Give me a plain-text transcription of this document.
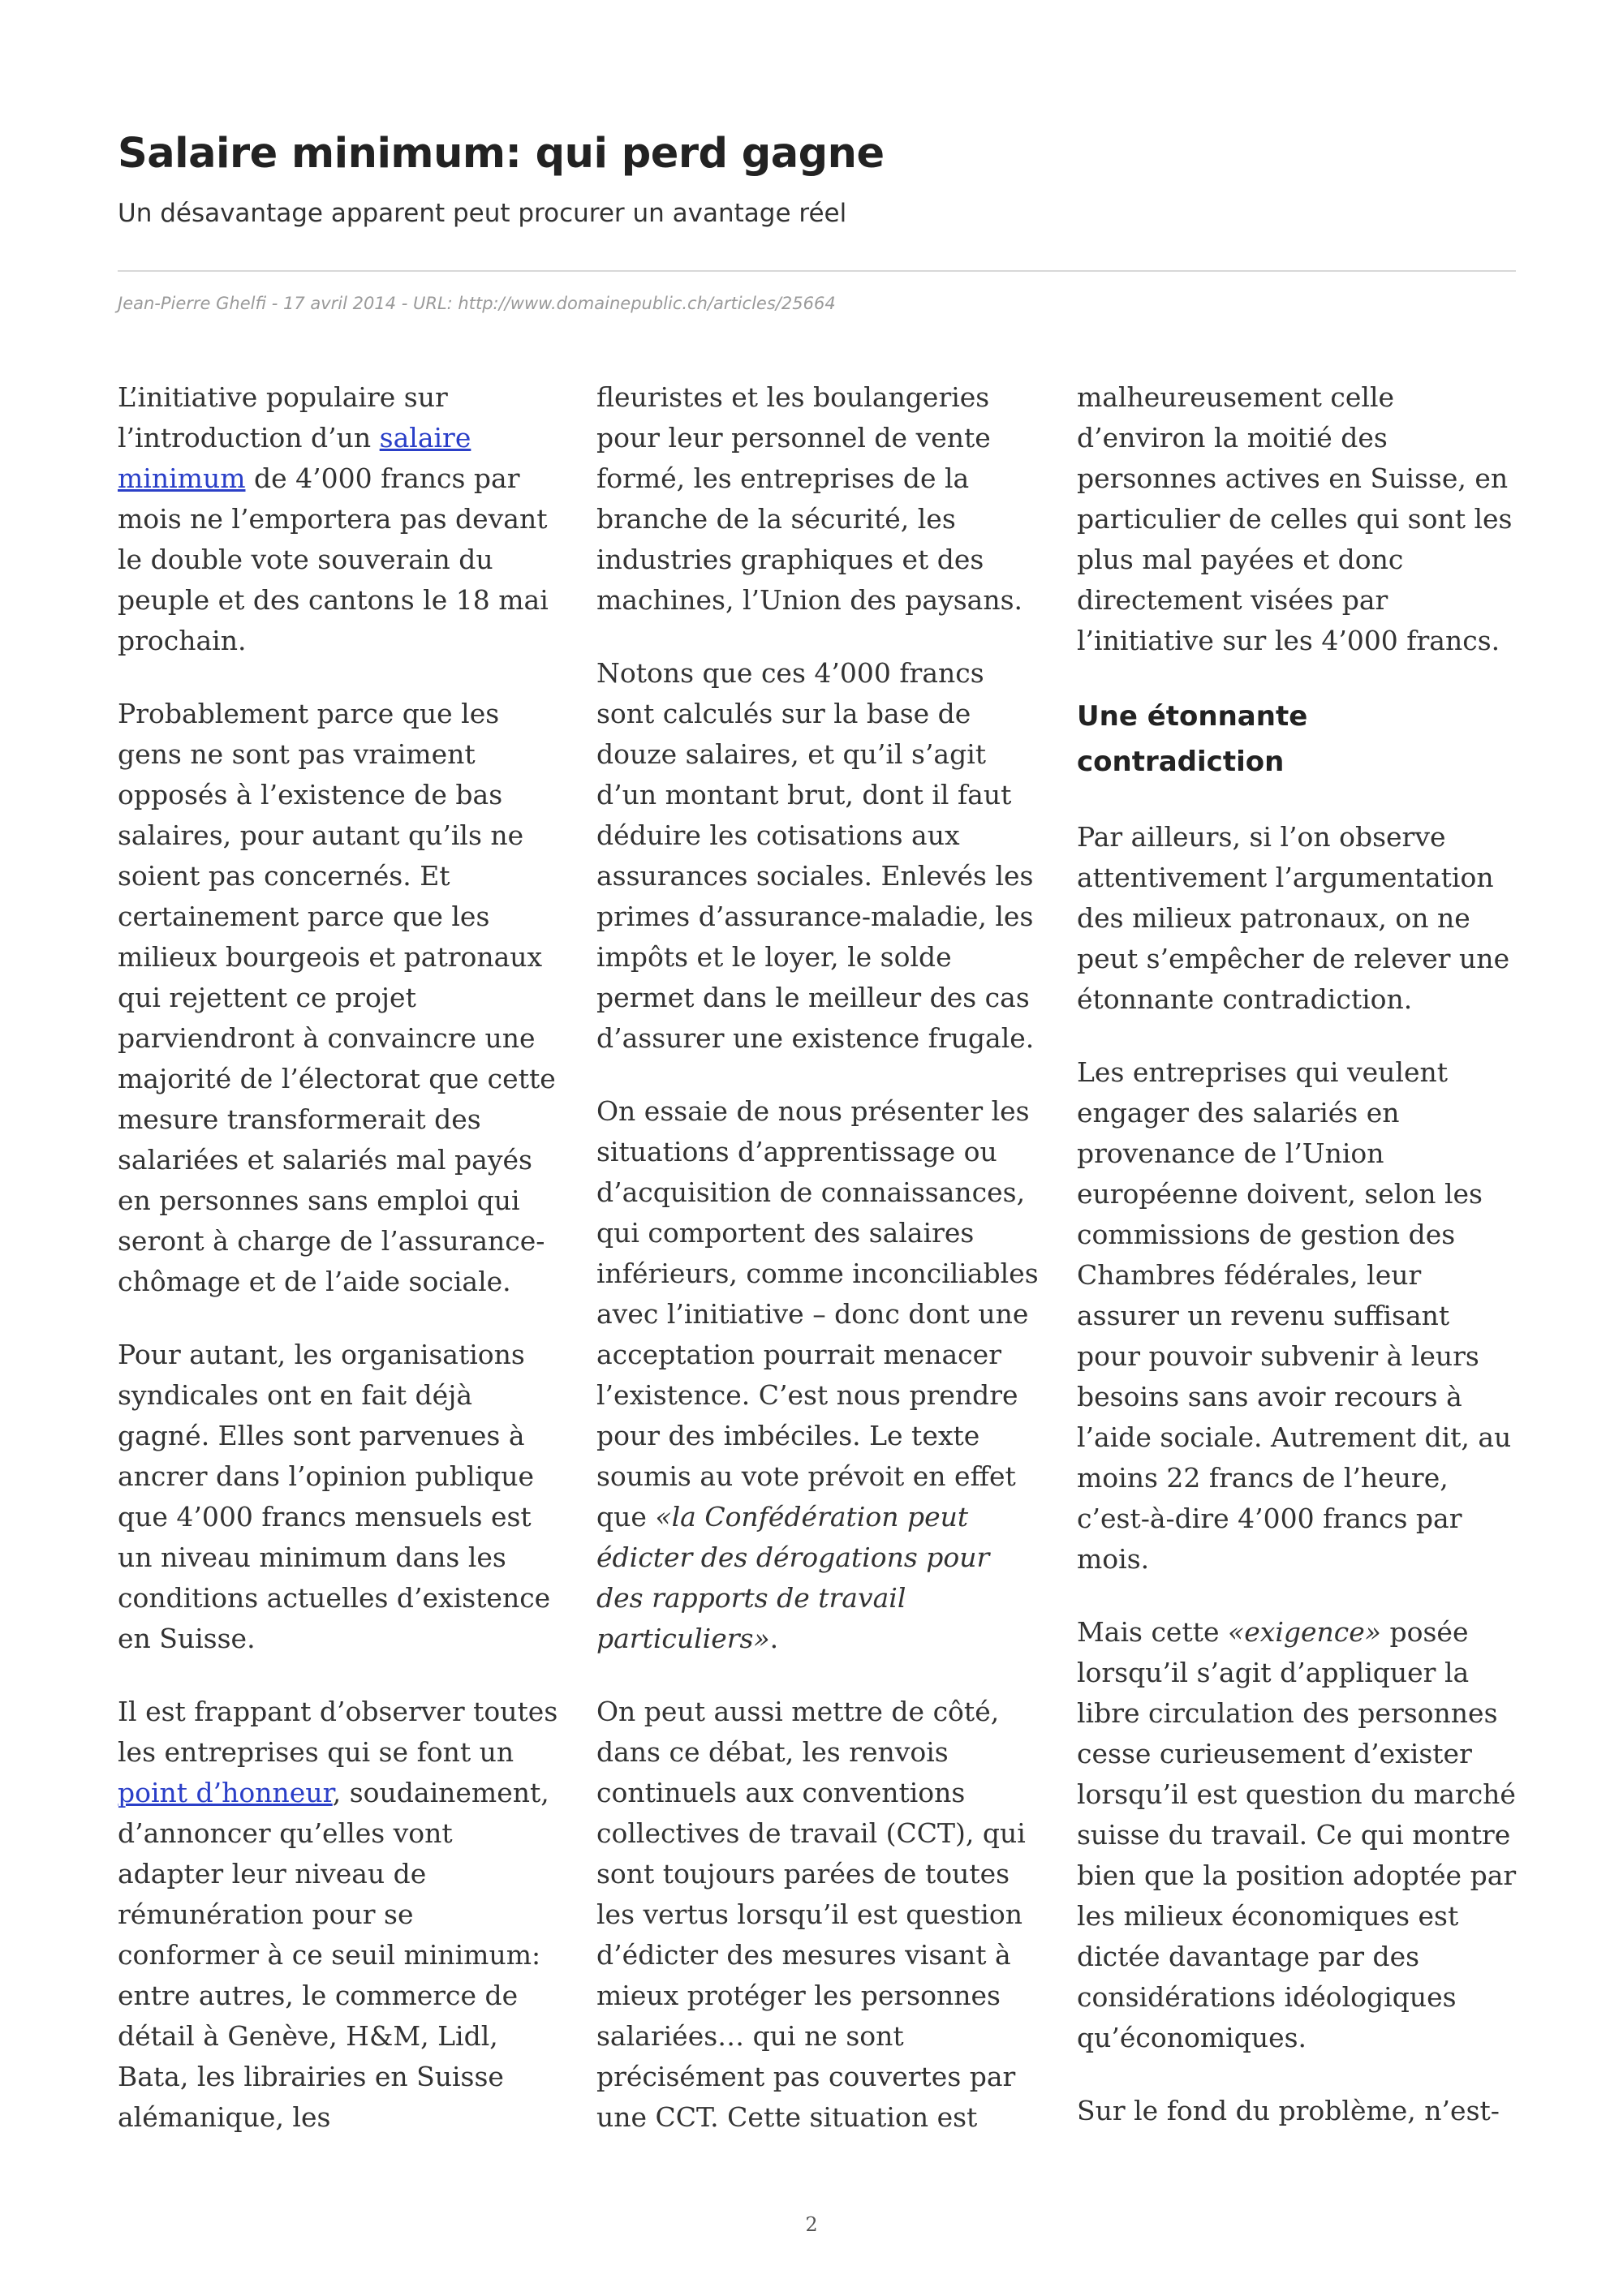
Salaire minimum: qui perd gagne

Un désavantage apparent peut procurer un avantage réel

Jean-Pierre Ghelfi - 17 avril 2014 - URL: http://www.domainepublic.ch/articles/25664

L’initiative populaire sur l’introduction d’un salaire minimum de 4’000 francs par mois ne l’emportera pas devant le double vote souverain du peuple et des cantons le 18 mai prochain.

Probablement parce que les gens ne sont pas vraiment opposés à l’existence de bas salaires, pour autant qu’ils ne soient pas concernés. Et certainement parce que les milieux bourgeois et patronaux qui rejettent ce projet parviendront à convaincre une majorité de l’électorat que cette mesure transformerait des salariées et salariés mal payés en personnes sans emploi qui seront à charge de l’assurance-chômage et de l’aide sociale.

Pour autant, les organisations syndicales ont en fait déjà gagné. Elles sont parvenues à ancrer dans l’opinion publique que 4’000 francs mensuels est un niveau minimum dans les conditions actuelles d’existence en Suisse.

Il est frappant d’observer toutes les entreprises qui se font un point d’honneur, soudainement, d’annoncer qu’elles vont adapter leur niveau de rémunération pour se conformer à ce seuil minimum: entre autres, le commerce de détail à Genève, H&M, Lidl, Bata, les librairies en Suisse alémanique, les

fleuristes et les boulangeries pour leur personnel de vente formé, les entreprises de la branche de la sécurité, les industries graphiques et des machines, l’Union des paysans.

Notons que ces 4’000 francs sont calculés sur la base de douze salaires, et qu’il s’agit d’un montant brut, dont il faut déduire les cotisations aux assurances sociales. Enlevés les primes d’assurance-maladie, les impôts et le loyer, le solde permet dans le meilleur des cas d’assurer une existence frugale.

On essaie de nous présenter les situations d’apprentissage ou d’acquisition de connaissances, qui comportent des salaires inférieurs, comme inconciliables avec l’initiative – donc dont une acceptation pourrait menacer l’existence. C’est nous prendre pour des imbéciles. Le texte soumis au vote prévoit en effet que «la Confédération peut édicter des dérogations pour des rapports de travail particuliers».

On peut aussi mettre de côté, dans ce débat, les renvois continuels aux conventions collectives de travail (CCT), qui sont toujours parées de toutes les vertus lorsqu’il est question d’édicter des mesures visant à mieux protéger les personnes salariées… qui ne sont précisément pas couvertes par une CCT. Cette situation est

malheureusement celle d’environ la moitié des personnes actives en Suisse, en particulier de celles qui sont les plus mal payées et donc directement visées par l’initiative sur les 4’000 francs.

Une étonnante contradiction

Par ailleurs, si l’on observe attentivement l’argumentation des milieux patronaux, on ne peut s’empêcher de relever une étonnante contradiction.

Les entreprises qui veulent engager des salariés en provenance de l’Union européenne doivent, selon les commissions de gestion des Chambres fédérales, leur assurer un revenu suffisant pour pouvoir subvenir à leurs besoins sans avoir recours à l’aide sociale. Autrement dit, au moins 22 francs de l’heure, c’est-à-dire 4’000 francs par mois.

Mais cette «exigence» posée lorsqu’il s’agit d’appliquer la libre circulation des personnes cesse curieusement d’exister lorsqu’il est question du marché suisse du travail. Ce qui montre bien que la position adoptée par les milieux économiques est dictée davantage par des considérations idéologiques qu’économiques.

Sur le fond du problème, n’est-

2
